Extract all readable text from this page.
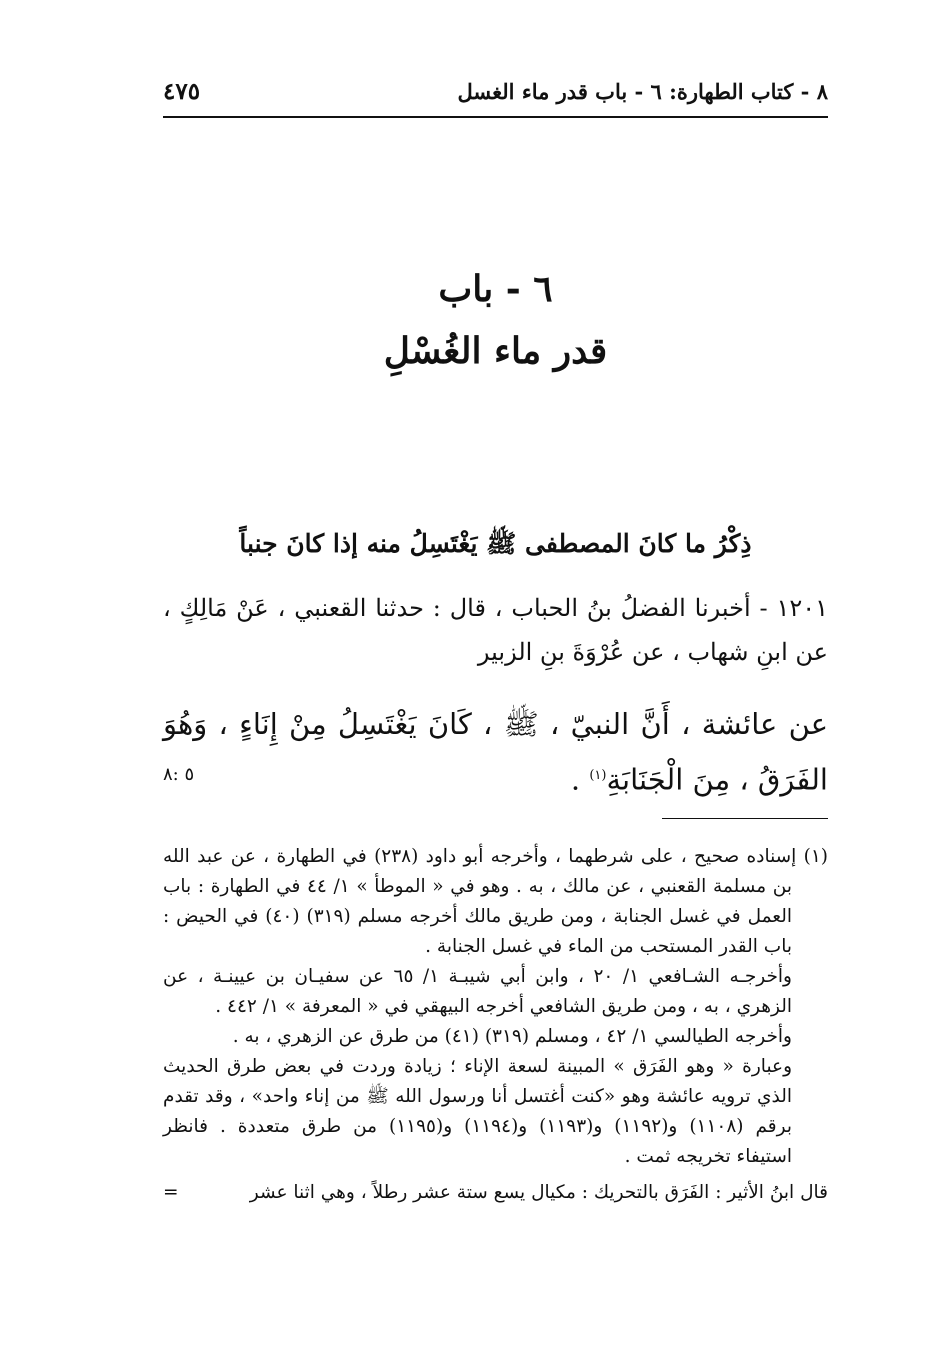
٨ - كتاب الطهارة: ٦ - باب قدر ماء الغسل
٤٧٥
٦ - باب
قدر ماء الغُسْلِ
ذِكْرُ ما كانَ المصطفى ﷺ يَغْتَسِلُ منه إذا كانَ جنباً
١٢٠١ - أخبرنا الفضلُ بنُ الحباب ، قال : حدثنا القعنبي ، عَنْ مَالِكٍ ، عن ابنِ شهاب ، عن عُرْوَةَ بنِ الزبير
عن عائشة ، أَنَّ النبيّ ، ﷺ ، كَانَ يَغْتَسِلُ مِنْ إِنَاءٍ ، وَهُوَ الفَرَقُ ، مِنَ الْجَنَابَةِ$^{(١)}$ .
٥ :٨

(١) إسناده صحيح ، على شرطهما ، وأخرجه أبو داود (٢٣٨) في الطهارة ، عن عبد الله بن مسلمة القعنبي ، عن مالك ، به . وهو في « الموطأ » ١/ ٤٤ في الطهارة : باب العمل في غسل الجنابة ، ومن طريق مالك أخرجه مسلم (٣١٩) (٤٠) في الحيض : باب القدر المستحب من الماء في غسل الجنابة .

وأخرجـه الشـافعي ١/ ٢٠ ، وابن أبي شيبـة ١/ ٦٥ عن سفيـان بن عيينـة ، عن الزهري ، به ، ومن طريق الشافعي أخرجه البيهقي في « المعرفة » ١/ ٤٤٢ .

وأخرجه الطيالسي ١/ ٤٢ ، ومسلم (٣١٩) (٤١) من طرق عن الزهري ، به .

وعبارة « وهو الفَرَق » المبينة لسعة الإناء ؛ زيادة وردت في بعض طرق الحديث الذي ترويه عائشة وهو «كنت أغتسل أنا ورسول الله ﷺ من إناء واحد» ، وقد تقدم برقم (١١٠٨) و(١١٩٢) و(١١٩٣) و(١١٩٤) و(١١٩٥) من طرق متعددة . فانظر استيفاء تخريجه ثمت .

قال ابنُ الأثير : الفَرَق بالتحريك : مكيال يسع ستة عشر رطلاً ، وهي اثنا عشر
=
